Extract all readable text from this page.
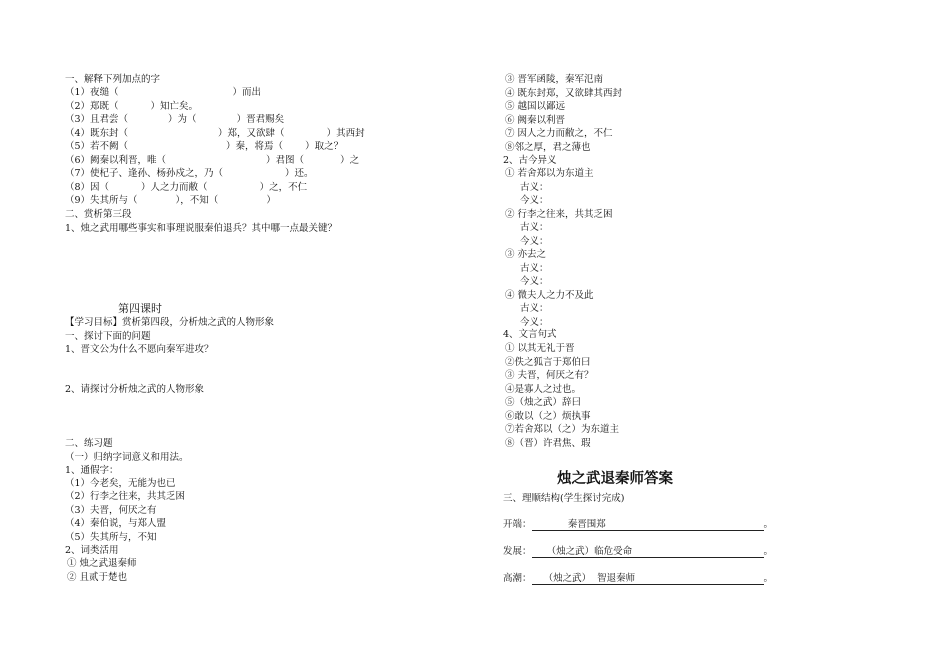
一、解释下列加点的字
（1）夜缒（	）而出
（2）郑既（	）知亡矣。
（3）且君尝（	）为（	）晋君赐矣
（4）既东封（	）郑，又欲肆（	）其西封
（5）若不阙（	）秦，将焉（ ）取之？
（6）阙秦以利晋，唯（	）君图（	）之
（7）使杞子、逢孙、杨孙戍之，乃（	）还。
（8）因（	）人之力而敝（	）之，不仁
（9）失其所与（	），不知（	）
二、赏析第三段
1、烛之武用哪些事实和事理说服秦伯退兵？其中哪一点最关键？
第四课时
【学习目标】赏析第四段，分析烛之武的人物形象
一、探讨下面的问题
1、晋文公为什么不愿向秦军进攻？
2、请探讨分析烛之武的人物形象
二、练习题
（一）归纳字词意义和用法。
1、通假字：
（1）今老矣，无能为也已
（2）行李之往来，共其乏困
（3）夫晋，何厌之有
（4）秦伯说，与郑人盟
（5）失其所与，不知
2、词类活用
① 烛之武退秦师
② 且贰于楚也
③ 晋军函陵，秦军氾南
④ 既东封郑，又欲肆其西封
⑤ 越国以鄙远
⑥ 阙秦以利晋
⑦ 因人之力而敝之，不仁
⑧邻之厚，君之薄也
2、古今异义
① 若舍郑以为东道主
古义：
今义：
② 行李之往来，共其乏困
古义：
今义：
③ 亦去之
古义：
今义：
④ 微夫人之力不及此
古义：
今义：
4、文言句式
① 以其无礼于晋
②佚之狐言于郑伯曰
③ 夫晋，何厌之有？
④是寡人之过也。
⑤（烛之武）辞曰
⑥敢以（之）烦执事
⑦若舍郑以（之）为东道主
⑧（晋）许君焦、瑕
烛之武退秦师答案
三、理顺结构(学生探讨完成)
开端：            秦晋围郑	。
发展：     （烛之武）临危受命	。
高潮：    （烛之武）  智退秦师	。
